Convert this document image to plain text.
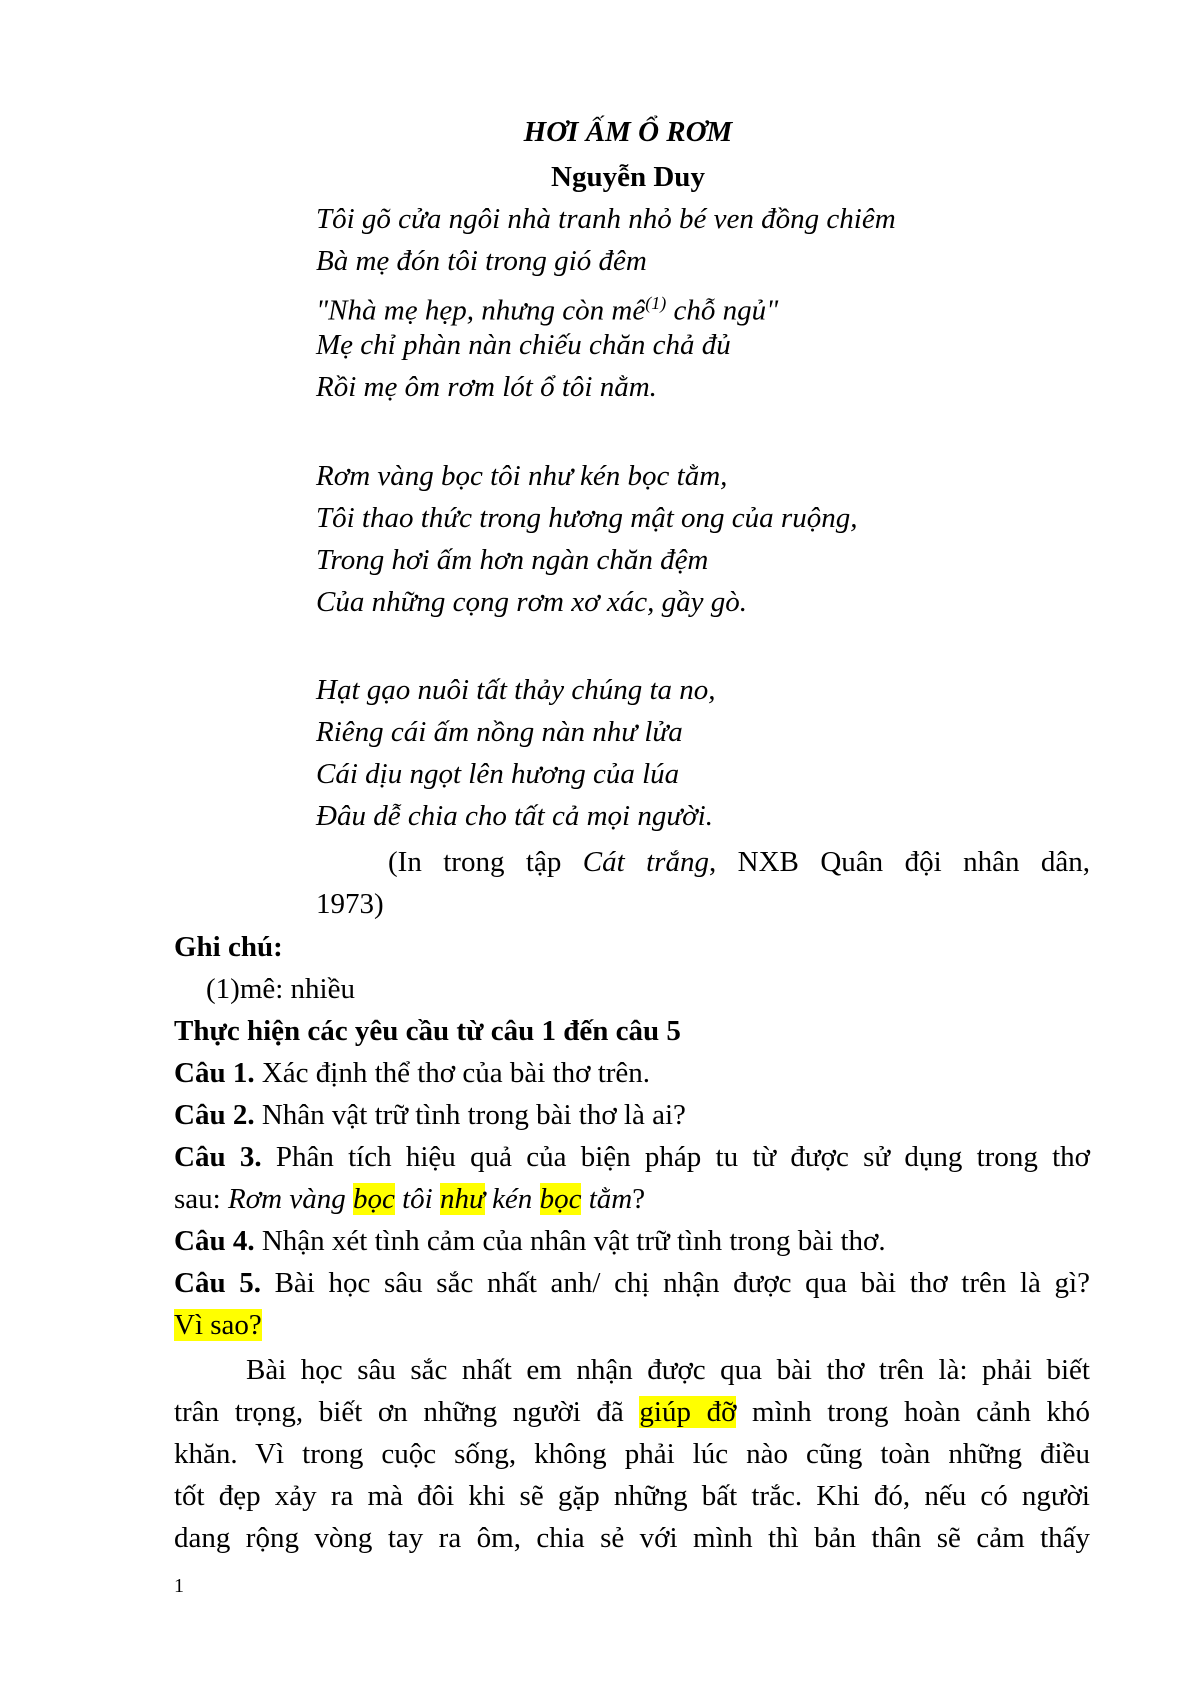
HƠI ẤM Ổ RƠM
Nguyễn Duy
Tôi gõ cửa ngôi nhà tranh nhỏ bé ven đồng chiêm
Bà mẹ đón tôi trong gió đêm
"Nhà mẹ hẹp, nhưng còn $mê^{(1)}$ chỗ ngủ"
Mẹ chỉ phàn nàn chiếu chăn chả đủ
Rồi mẹ ôm rơm lót ổ tôi nằm.
Rơm vàng bọc tôi như kén bọc tằm,
Tôi thao thức trong hương mật ong của ruộng,
Trong hơi ấm hơn ngàn chăn đệm
Của những cọng rơm xơ xác, gầy gò.
Hạt gạo nuôi tất thảy chúng ta no,
Riêng cái ấm nồng nàn như lửa
Cái dịu ngọt lên hương của lúa
Đâu dễ chia cho tất cả mọi người.
(In trong tập Cát trắng, NXB Quân đội nhân dân,
1973)
Ghi chú:
(1)mê: nhiều
Thực hiện các yêu cầu từ câu 1 đến câu 5
Câu 1. Xác định thể thơ của bài thơ trên.
Câu 2. Nhân vật trữ tình trong bài thơ là ai?
Câu 3. Phân tích hiệu quả của biện pháp tu từ được sử dụng trong thơ
sau: Rơm vàng bọc tôi như kén bọc tằm?
Câu 4. Nhận xét tình cảm của nhân vật trữ tình trong bài thơ.
Câu 5. Bài học sâu sắc nhất anh/ chị nhận được qua bài thơ trên là gì?
Vì sao?
Bài học sâu sắc nhất em nhận được qua bài thơ trên là: phải biết
trân trọng, biết ơn những người đã giúp đỡ mình trong hoàn cảnh khó
khăn. Vì trong cuộc sống, không phải lúc nào cũng toàn những điều
tốt đẹp xảy ra mà đôi khi sẽ gặp những bất trắc. Khi đó, nếu có người
dang rộng vòng tay ra ôm, chia sẻ với mình thì bản thân sẽ cảm thấy
1
